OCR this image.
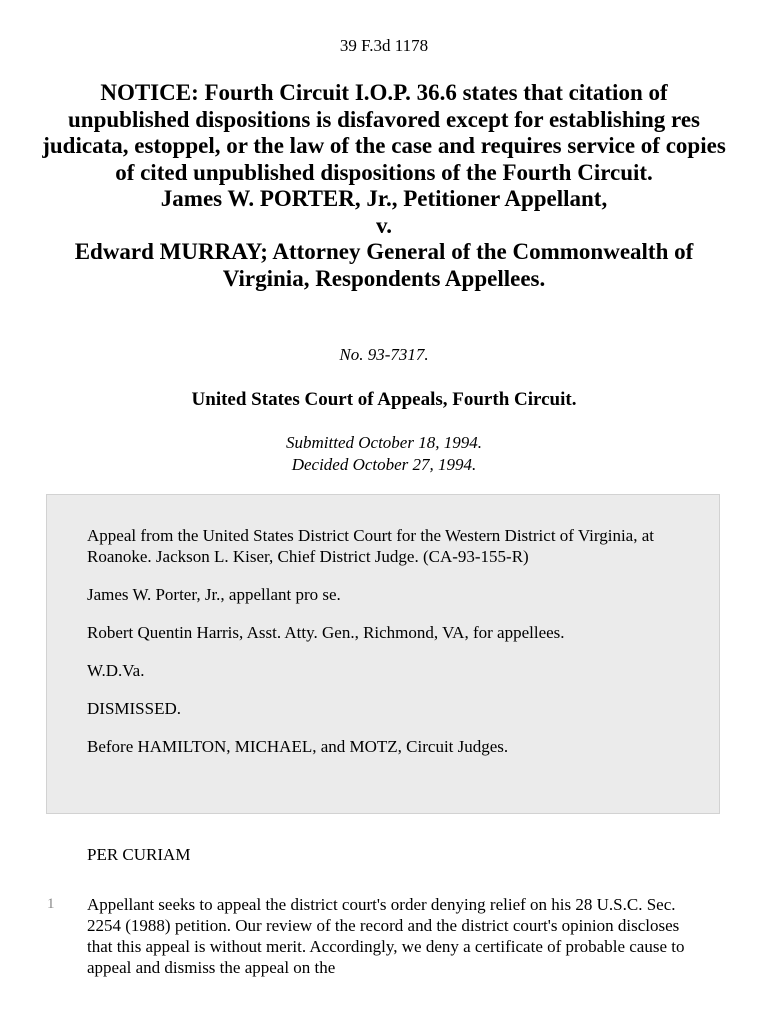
39 F.3d 1178
NOTICE: Fourth Circuit I.O.P. 36.6 states that citation of unpublished dispositions is disfavored except for establishing res judicata, estoppel, or the law of the case and requires service of copies of cited unpublished dispositions of the Fourth Circuit.
James W. PORTER, Jr., Petitioner Appellant,
v.
Edward MURRAY; Attorney General of the Commonwealth of Virginia, Respondents Appellees.
No. 93-7317.
United States Court of Appeals, Fourth Circuit.
Submitted October 18, 1994.
Decided October 27, 1994.

Appeal from the United States District Court for the Western District of Virginia, at Roanoke. Jackson L. Kiser, Chief District Judge. (CA-93-155-R)

James W. Porter, Jr., appellant pro se.

Robert Quentin Harris, Asst. Atty. Gen., Richmond, VA, for appellees.

W.D.Va.

DISMISSED.

Before HAMILTON, MICHAEL, and MOTZ, Circuit Judges.

PER CURIAM
1 Appellant seeks to appeal the district court's order denying relief on his 28 U.S.C. Sec. 2254 (1988) petition. Our review of the record and the district court's opinion discloses that this appeal is without merit. Accordingly, we deny a certificate of probable cause to appeal and dismiss the appeal on the
